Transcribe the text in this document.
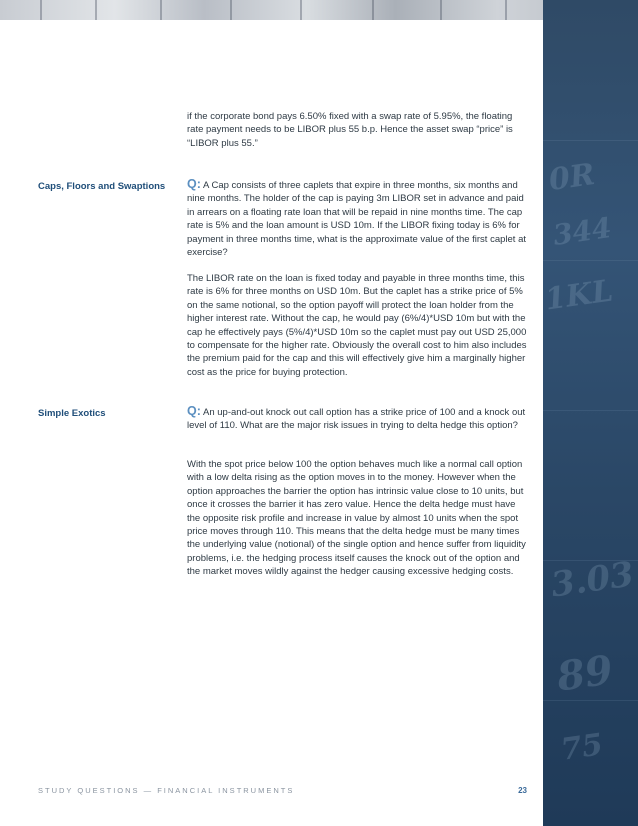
0R
344
1KL
3.03
89
75

if the corporate bond pays 6.50% fixed with a swap rate of 5.95%, the floating rate payment needs to be LIBOR plus 55 b.p. Hence the asset swap “price” is “LIBOR plus 55.”

Caps, Floors and Swaptions Q: A Cap consists of three caplets that expire in three months, six months and nine months. The holder of the cap is paying 3m LIBOR set in advance and paid in arrears on a floating rate loan that will be repaid in nine months time. The cap rate is 5% and the loan amount is USD 10m. If the LIBOR fixing today is 6% for payment in three months time, what is the approximate value of the first caplet at exercise?

The LIBOR rate on the loan is fixed today and payable in three months time, this rate is 6% for three months on USD 10m. But the caplet has a strike price of 5% on the same notional, so the option payoff will protect the loan holder from the higher interest rate. Without the cap, he would pay (6%/4)*USD 10m but with the cap he effectively pays (5%/4)*USD 10m so the caplet must pay out USD 25,000 to compensate for the higher rate. Obviously the overall cost to him also includes the premium paid for the cap and this will effectively give him a marginally higher cost as the price for buying protection.

Simple Exotics	Q: An up-and-out knock out call option has a strike price of 100 and a knock out level of 110. What are the major risk issues in trying to delta hedge this option?

With the spot price below 100 the option behaves much like a normal call option with a low delta rising as the option moves in to the money. However when the option approaches the barrier the option has intrinsic value close to 10 units, but once it crosses the barrier it has zero value. Hence the delta hedge must have the opposite risk profile and increase in value by almost 10 units when the spot price moves through 110. This means that the delta hedge must be many times the underlying value (notional) of the single option and hence suffer from liquidity problems, i.e. the hedging process itself causes the knock out of the option and the market moves wildly against the hedger causing excessive hedging costs.

STUDY QUESTIONS — FINANCIAL INSTRUMENTS	23
